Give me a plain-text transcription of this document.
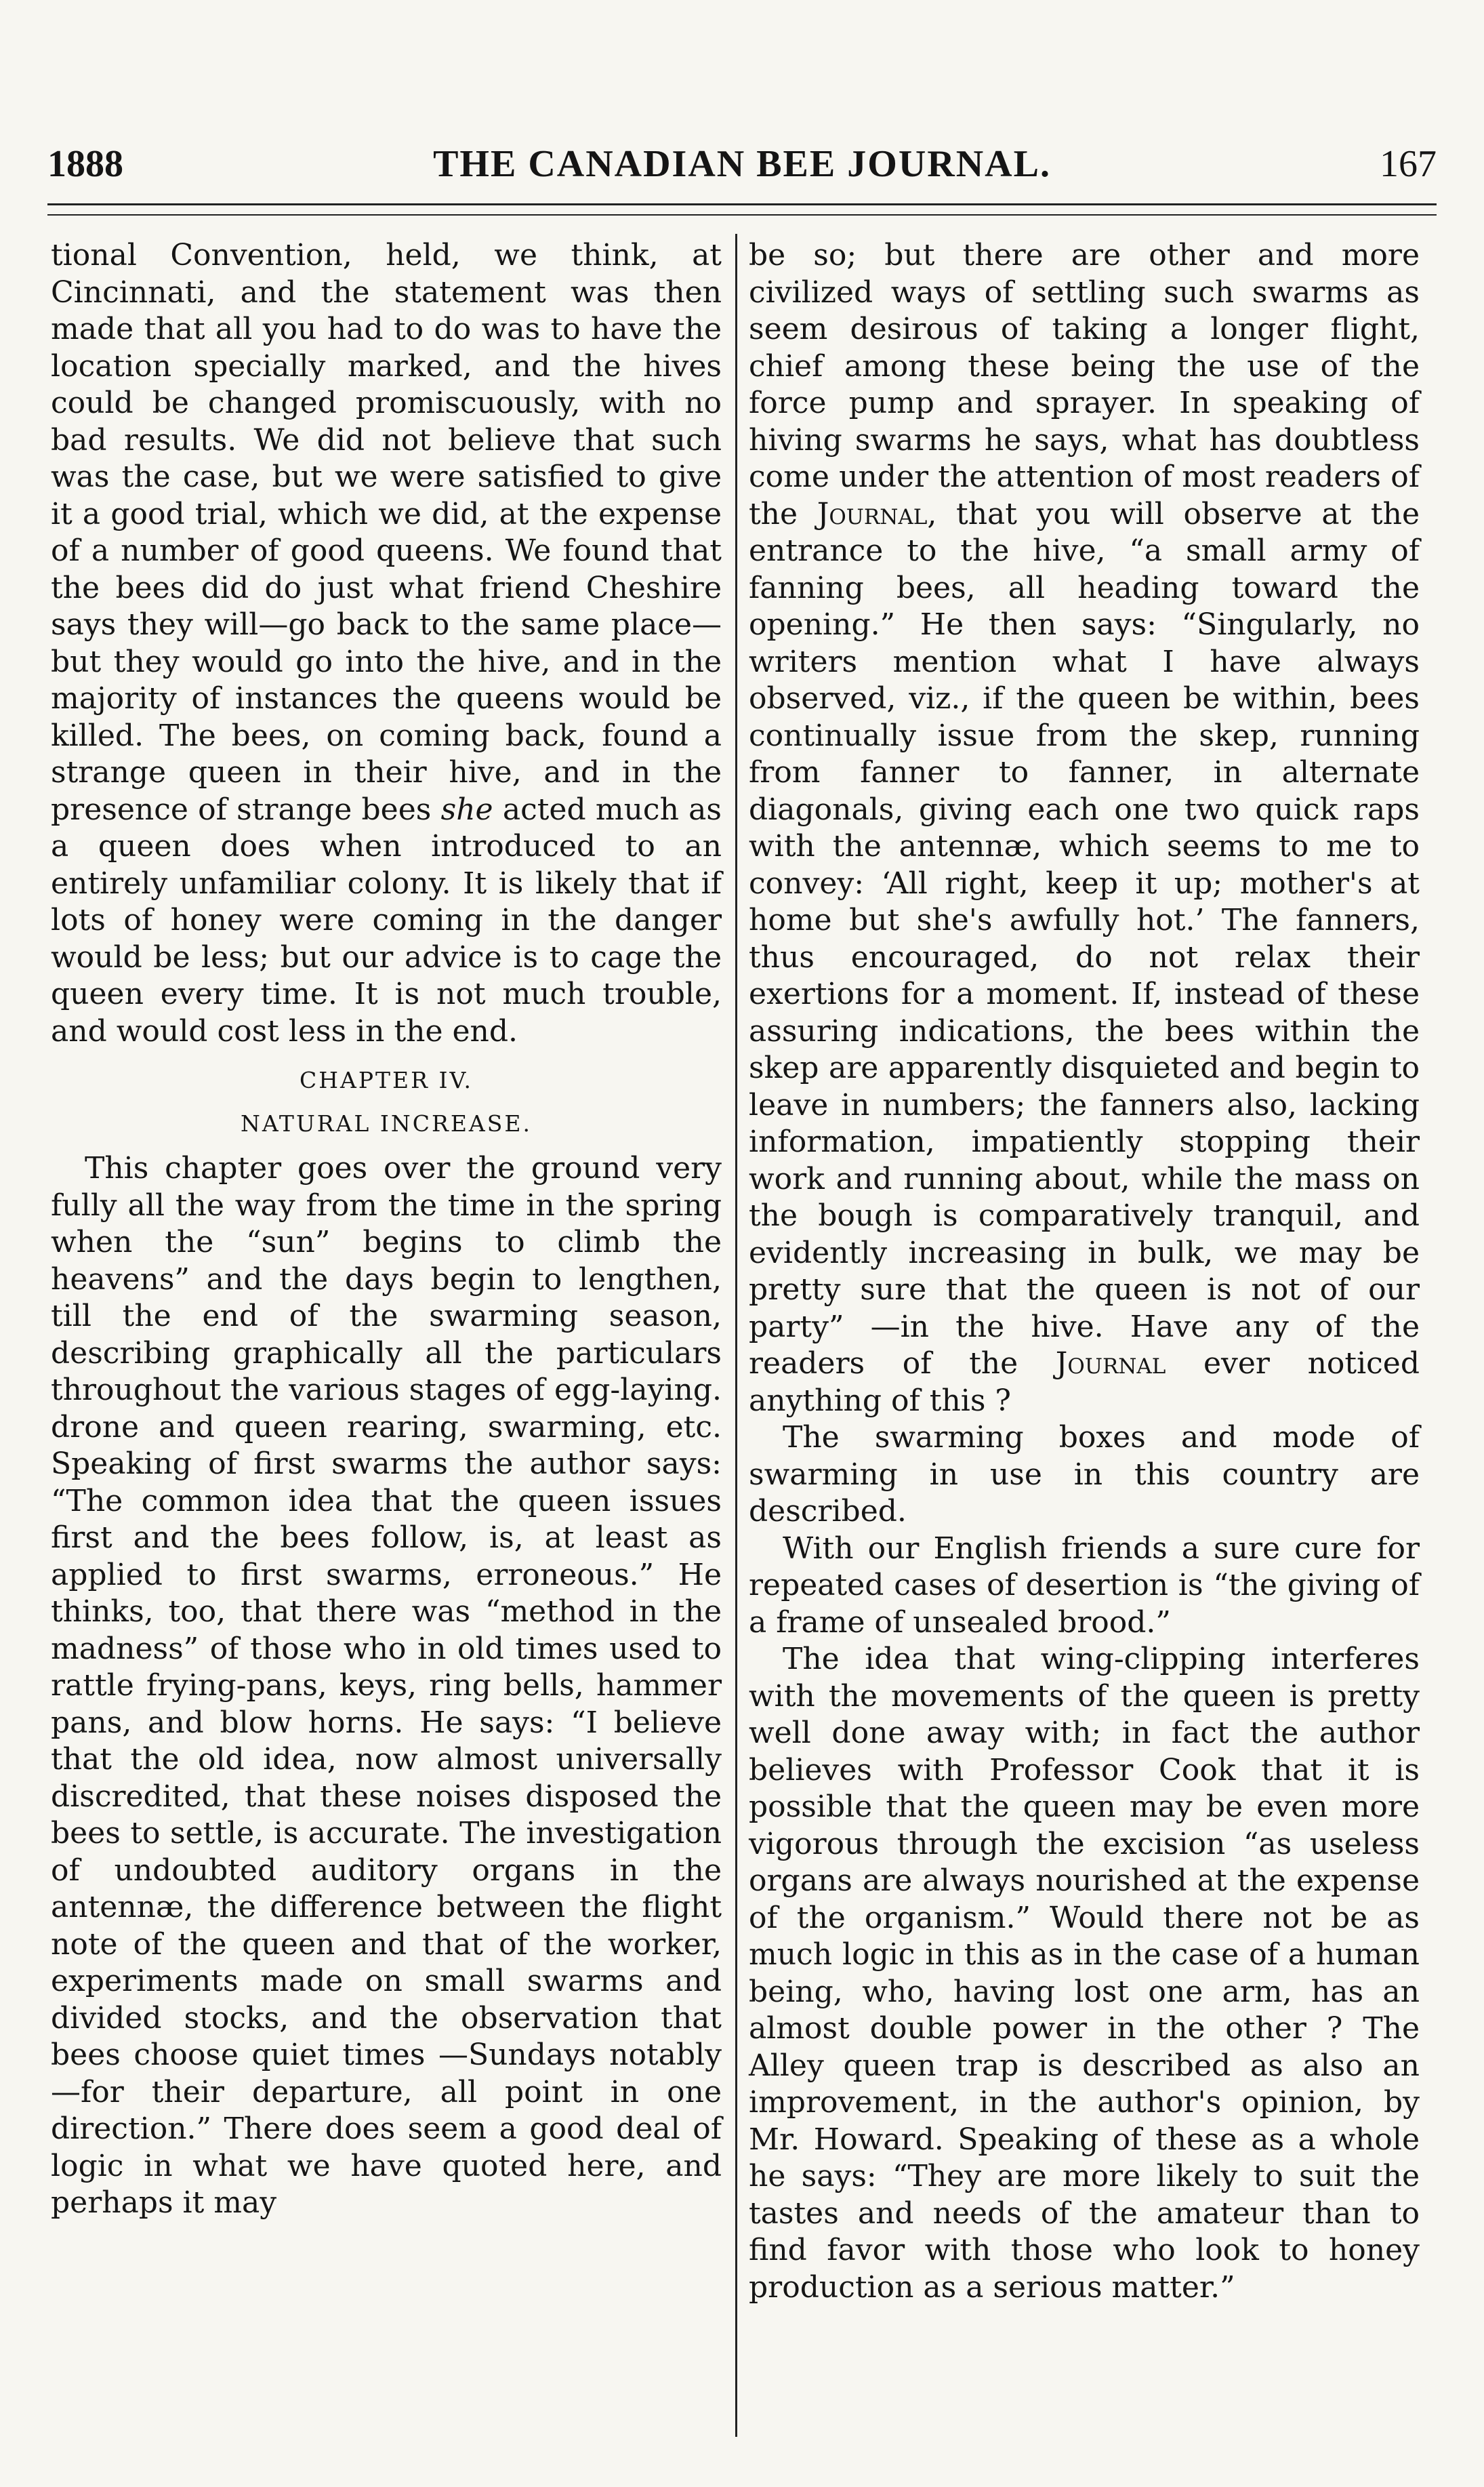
1888	THE CANADIAN BEE JOURNAL.	167

tional Convention, held, we think, at Cincinnati, and the statement was then made that all you had to do was to have the location specially marked, and the hives could be changed promiscuously, with no bad results. We did not believe that such was the case, but we were satisfied to give it a good trial, which we did, at the expense of a number of good queens. We found that the bees did do just what friend Cheshire says they will—go back to the same place—but they would go into the hive, and in the majority of instances the queens would be killed. The bees, on coming back, found a strange queen in their hive, and in the presence of strange bees she acted much as a queen does when introduced to an entirely unfamiliar colony. It is likely that if lots of honey were coming in the danger would be less; but our advice is to cage the queen every time. It is not much trouble, and would cost less in the end.

CHAPTER IV.
NATURAL INCREASE.

This chapter goes over the ground very fully all the way from the time in the spring when the “sun” begins to climb the heavens” and the days begin to lengthen, till the end of the swarming season, describing graphically all the particulars throughout the various stages of egg-laying. drone and queen rearing, swarming, etc. Speaking of first swarms the author says: “The common idea that the queen issues first and the bees follow, is, at least as applied to first swarms, erroneous.” He thinks, too, that there was “method in the madness” of those who in old times used to rattle frying-pans, keys, ring bells, hammer pans, and blow horns. He says: “I believe that the old idea, now almost universally discredited, that these noises disposed the bees to settle, is accurate. The investigation of undoubted auditory organs in the antennæ, the difference between the flight note of the queen and that of the worker, experiments made on small swarms and divided stocks, and the observation that bees choose quiet times —Sundays notably—for their departure, all point in one direction.” There does seem a good deal of logic in what we have quoted here, and perhaps it may

be so; but there are other and more civilized ways of settling such swarms as seem desirous of taking a longer flight, chief among these being the use of the force pump and sprayer. In speaking of hiving swarms he says, what has doubtless come under the attention of most readers of the Journal, that you will observe at the entrance to the hive, “a small army of fanning bees, all heading toward the opening.” He then says: “Singularly, no writers mention what I have always observed, viz., if the queen be within, bees continually issue from the skep, running from fanner to fanner, in alternate diagonals, giving each one two quick raps with the antennæ, which seems to me to convey: ‘All right, keep it up; mother's at home but she's awfully hot.’ The fanners, thus encouraged, do not relax their exertions for a moment. If, instead of these assuring indications, the bees within the skep are apparently disquieted and begin to leave in numbers; the fanners also, lacking information, impatiently stopping their work and running about, while the mass on the bough is comparatively tranquil, and evidently increasing in bulk, we may be pretty sure that the queen is not of our party” —in the hive. Have any of the readers of the Journal ever noticed anything of this ?

The swarming boxes and mode of swarming in use in this country are described.

With our English friends a sure cure for repeated cases of desertion is “the giving of a frame of unsealed brood.”

The idea that wing-clipping interferes with the movements of the queen is pretty well done away with; in fact the author believes with Professor Cook that it is possible that the queen may be even more vigorous through the excision “as useless organs are always nourished at the expense of the organism.” Would there not be as much logic in this as in the case of a human being, who, having lost one arm, has an almost double power in the other ? The Alley queen trap is described as also an improvement, in the author's opinion, by Mr. Howard. Speaking of these as a whole he says: “They are more likely to suit the tastes and needs of the amateur than to find favor with those who look to honey production as a serious matter.”
